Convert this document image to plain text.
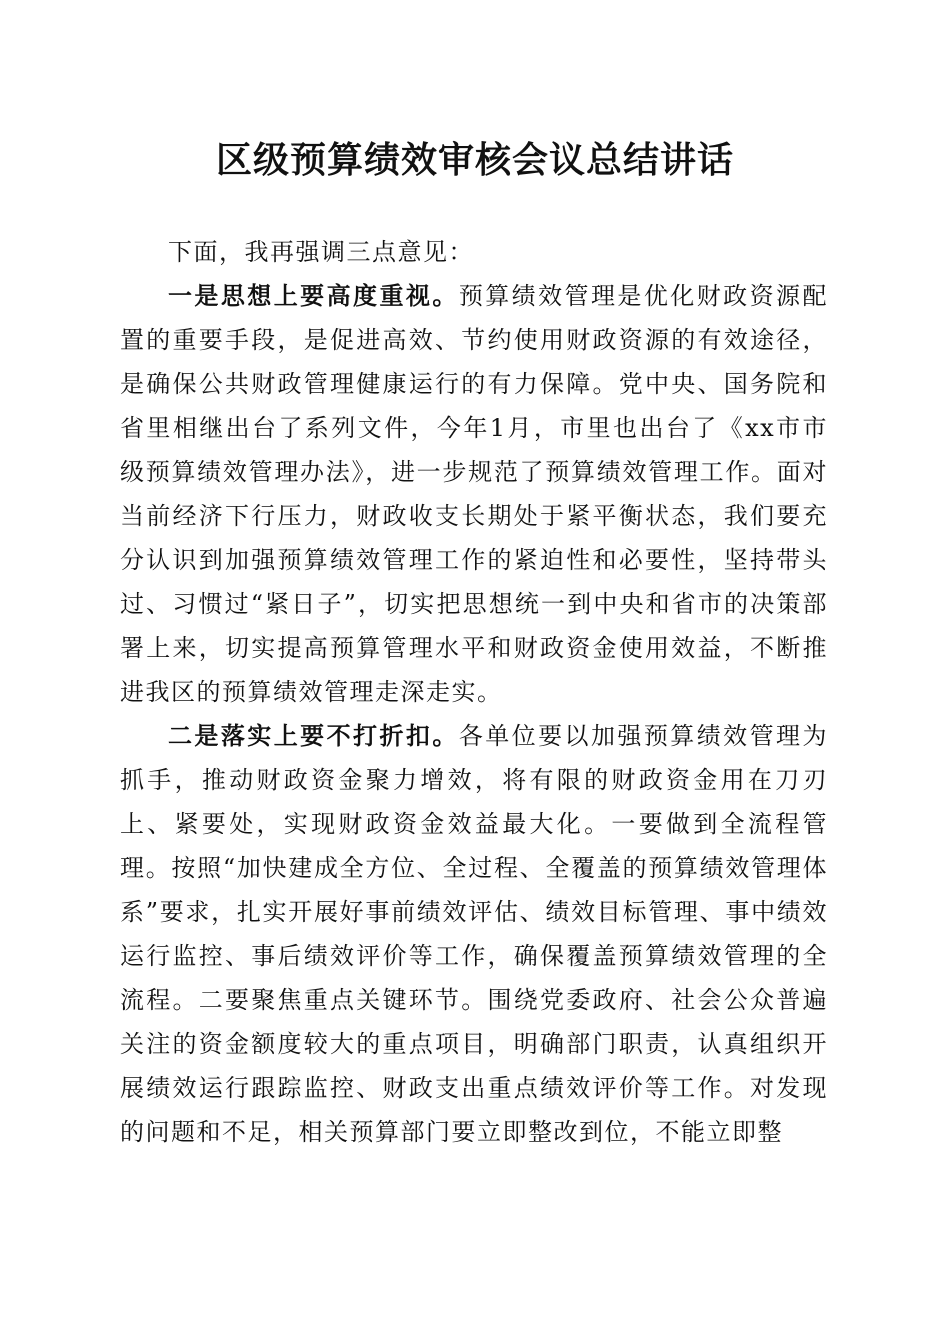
区级预算绩效审核会议总结讲话

下面，我再强调三点意见：

一是思想上要高度重视。预算绩效管理是优化财政资源配置的重要手段，是促进高效、节约使用财政资源的有效途径，是确保公共财政管理健康运行的有力保障。党中央、国务院和省里相继出台了系列文件，今年1月，市里也出台了《xx市市级预算绩效管理办法》，进一步规范了预算绩效管理工作。面对当前经济下行压力，财政收支长期处于紧平衡状态，我们要充分认识到加强预算绩效管理工作的紧迫性和必要性，坚持带头过、习惯过“紧日子”，切实把思想统一到中央和省市的决策部署上来，切实提高预算管理水平和财政资金使用效益，不断推进我区的预算绩效管理走深走实。

二是落实上要不打折扣。各单位要以加强预算绩效管理为抓手，推动财政资金聚力增效，将有限的财政资金用在刀刃上、紧要处，实现财政资金效益最大化。一要做到全流程管理。按照“加快建成全方位、全过程、全覆盖的预算绩效管理体系”要求，扎实开展好事前绩效评估、绩效目标管理、事中绩效运行监控、事后绩效评价等工作，确保覆盖预算绩效管理的全流程。二要聚焦重点关键环节。围绕党委政府、社会公众普遍关注的资金额度较大的重点项目，明确部门职责，认真组织开展绩效运行跟踪监控、财政支出重点绩效评价等工作。对发现的问题和不足，相关预算部门要立即整改到位，不能立即整
